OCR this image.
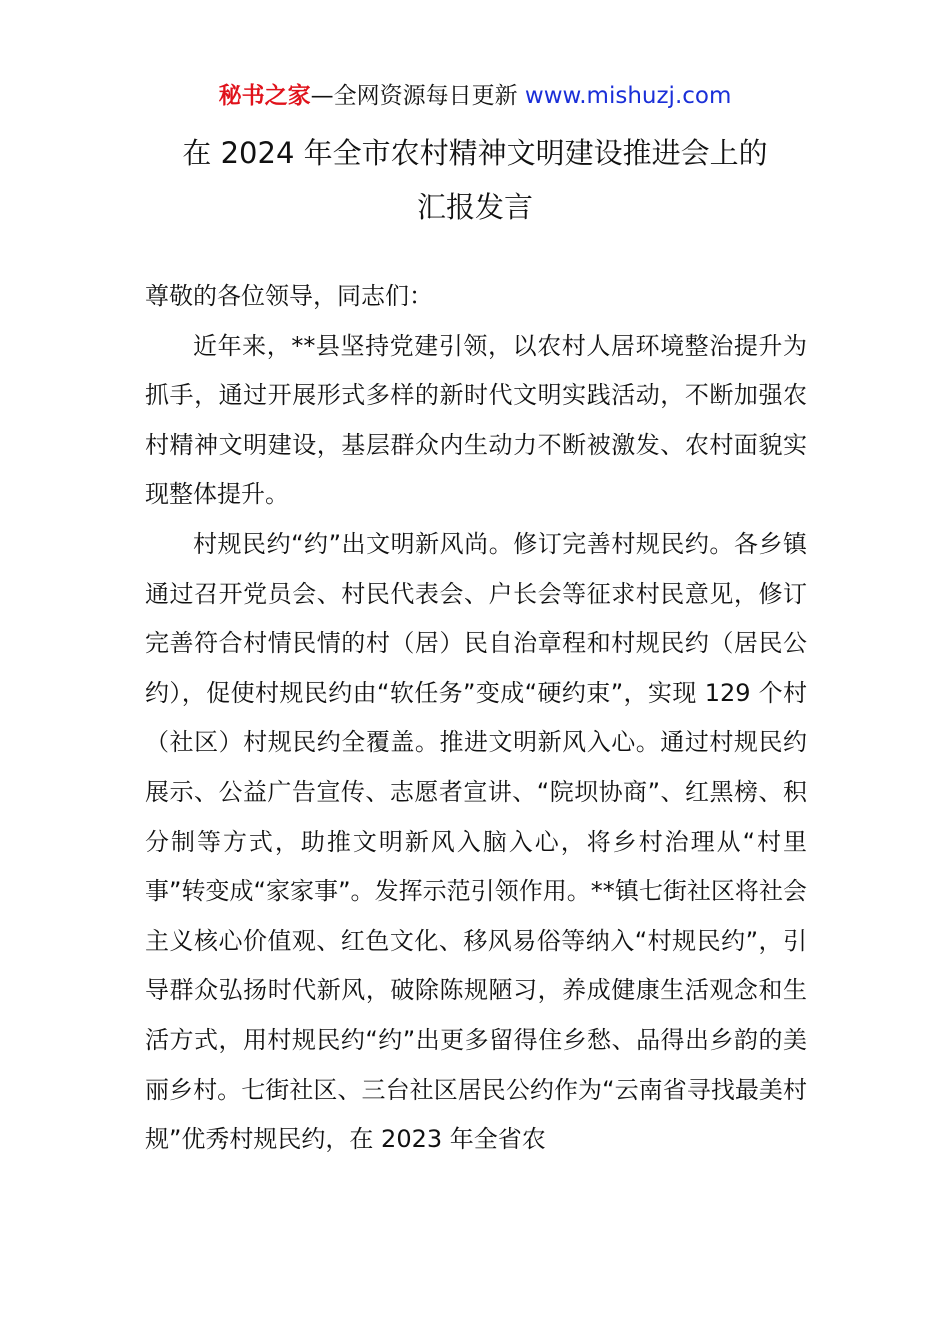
秘书之家—全网资源每日更新 www.mishuzj.com
在 2024 年全市农村精神文明建设推进会上的
汇报发言

尊敬的各位领导，同志们：

近年来，**县坚持党建引领，以农村人居环境整治提升为抓手，通过开展形式多样的新时代文明实践活动，不断加强农村精神文明建设，基层群众内生动力不断被激发、农村面貌实现整体提升。

村规民约“约”出文明新风尚。修订完善村规民约。各乡镇通过召开党员会、村民代表会、户长会等征求村民意见，修订完善符合村情民情的村（居）民自治章程和村规民约（居民公约），促使村规民约由“软任务”变成“硬约束”，实现 129 个村（社区）村规民约全覆盖。推进文明新风入心。通过村规民约展示、公益广告宣传、志愿者宣讲、“院坝协商”、红黑榜、积分制等方式，助推文明新风入脑入心，将乡村治理从“村里事”转变成“家家事”。发挥示范引领作用。**镇七街社区将社会主义核心价值观、红色文化、移风易俗等纳入“村规民约”，引导群众弘扬时代新风，破除陈规陋习，养成健康生活观念和生活方式，用村规民约“约”出更多留得住乡愁、品得出乡韵的美丽乡村。七街社区、三台社区居民公约作为“云南省寻找最美村规”优秀村规民约，在 2023 年全省农
